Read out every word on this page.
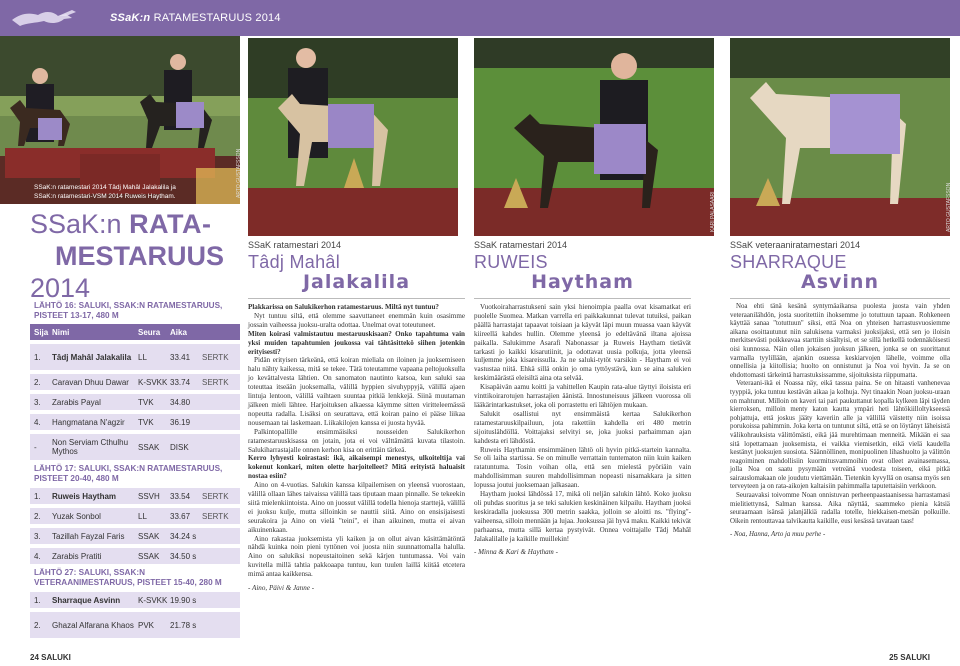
SSaK:n RATAMESTARUUS 2014
SSaK:n ratamestari 2014 Tâdj Mahâl Jalakalila ja
SSaK:n ratamestari-VSM 2014 Ruweis Haytham.
SSaK:n RATA-
MESTARUUS
2014
LÄHTÖ 16: SALUKI, SSAK:N RATAMESTARUUS, PISTEET 13-17, 480 M
Sija Nimi	Seura	Aika
1.	Tâdj Mahâl Jalakalila LL	33.41	SERTK
2.	Caravan Dhuu Dawar	K-SVKK 33.74	SERTK
3.	Zarabis Payal	TVK	34.80
4.	Hangmatana N'agzir	TVK	36.19
-	Non Serviam Cthulhu Mythos	SSAK	DISK
LÄHTÖ 17: SALUKI, SSAK:N RATAMESTARUUS, PISTEET 20-40, 480 M
1.	Ruweis Haytham	SSVH	33.54	SERTK
2.	Yuzak Sonbol	LL	33.67	SERTK
3.	Tazillah Fayzal Faris	SSAK	34.24 s
4.	Zarabis Pratiti	SSAK	34.50 s
LÄHTÖ 27: SALUKI, SSAK:N VETERAANIMESTARUUS, PISTEET 15-40, 280 M
1.	Sharraque Asvinn	K-SVKK 19.90 s
2.	Ghazal Alfarana Khaos PVK	21.78 s
24 SALUKI
ARTO GUSTAFSSON
KARI PALASAARI	ARTO GUSTAFSSON
SSaK ratamestari 2014
Tâdj Mahâl
Jalakalila

Plakkarissa on Salukikerhon ratamestaruus. Miltä nyt tuntuu?

Nyt tuntuu siltä, että olemme saavuttaneet enemmän kuin osasimme jossain vaiheessa juoksu-uralta odottaa. Unelmat ovat toteutuneet.

Miten koirasi valmistautuu mestaruuskisaan? Onko tapahtuma vain yksi muiden tapahtumien joukossa vai tähtäsittekö siihen jotenkin erityisesti?

Pidän erityisen tärkeänä, että koiran mieliala on iloinen ja juoksemiseen halu nähty kaikessa, mitä se tekee. Tätä toteutamme vapaana peltojuoksulla jo kevättalvesta lähtien. On sanomaton nautinto katsoa, kun saluki saa toteuttaa itseään juoksemalla, välillä hyppien sivuhyppyjä, välillä ajaen lintuja lentoon, välillä vaihtaen suuntaa pitkiä lenkkejä. Siinä muutaman jälkeen mieli lähtee. Harjoituksen alkaessa käymme sitten viritteleemässä nopeutta radalla. Lisäksi on seurattava, että koiran paino ei pääse liikaa nousemaan tai laskemaan. Liikakilojen kanssa ei juosta hyvää.

Palkintopallille ensimmäisiksi nousseiden Salukikerhon ratamestaruuskisassa on jotain, jota ei voi välttämättä kuvata tilastoin. Salukiharrastajalle onnen kerhon kisa on erittäin tärkeä.

Kerro lyhyesti koirastasi: ikä, aikaisempi menestys, ulkoiteltija vai kokenut konkari, miten olette harjoitelleet? Mitä erityistä haluaisit nostaa esiin?

Aino on 4-vuotias. Salukin kanssa kilpailemisen on yleensä vuorostaan, välillä ollaan lähes taivaissa välillä taas tiputaan maan pinnalle. Se tekeekin siitä mielenkiintoista. Aino on juossut välillä todella hienoja starttejä, välillä ei juoksu kulje, mutta silloinkin se nauttii siitä. Aino on ensisijaisesti seurakoira ja Aino on vielä "teini", ei ihan aikuinen, mutta ei aivan aikuinenkaan.

Aino rakastaa juoksemista yli kaiken ja on ollut aivan käsittämätöntä nähdä kuinka noin pieni tyttönen voi juosta niin suunnattomalla halulla. Aino on salukiksi nopeustaitoinen sekä kärjen tuntumassa. Voi vain kuvitella millä tahtia pakkoaapa tuntuu, kun tuulen laillä kiitää etcetera mimä antaa kaikkensa.

- Aino, Päivi & Janne -

SSaK ratamestari 2014
RUWEIS
Haytham

Vuotkoiraharrastukseni sain yksi hienoimpia paalla ovat kisamatkat eri puolelle Suomea. Matkan varrella eri paikkakunnat tulevat tutuiksi, paikan päällä harrastajat tapaavat toisiaan ja käyvät läpi muun muassa vaan käyvät kiireellä kahdes hullin. Olemme yleensä jo edeltävänä iltana ajoissa paikalla. Salukimme Asarafi Nabonassar ja Ruweis Haytham tietävät tarkasti jo kaikki kisarutiinit, ja odottavat uusia polkuja, jotta yleensä kuljemme joka kisareissulla. Ja ne saluki-tytöt varsikin - Haytham ei voi vastustaa niitä. Ehkä sillä onkin jo oma tyttöystävä, kun se aina salukien keskimäärästä eleisiltä aina ota selvää.

Kisapäivän aamu koitti ja vahittellen Kaupin rata-alue täyttyi iloisista eri vinttikoirarotujen harrastajien äänistä. Innostuneisuus jälkeen vuorossa oli lääkärintarkastukset, joka oli porrastettu eri lähtöjen mukaan.

Salukit osallistui nyt ensimmäistä kertaa Salukikerhon ratamestaruuskilpailuun, jota rakettiin kahdella eri 480 metrin sijoituslähdöllä. Voittajaksi selvityi se, joka juoksi parhaimman ajan kahdesta eri lähdöstä.

Ruweis Haythamin ensimmäinen lähtö oli hyvin pitkä-startein kannalta. Se oli laiha startissa. Se on minulle verrattain tuntematon niin kuin kaiken ratatuntuma. Tosin voihan olla, että sen mielestä pyöriäin vain mahdollisimman suuren mahdollisimman nopeasti nisamakkara ja sitten lopussa joutui juoksemaan jalkasaan.

Haytham juoksi lähdössä 17, mikä oli neljän salukin lähtö. Koko juoksu oli puhdas suoritus ja se teki salukien keskinäinen kilpailu. Haytham juoksi keskiradalla juoksussa 300 metrin saakka, jolloin se aloitti ns. "flying"-vaiheensa, silloin mennään ja lujaa. Juoksussa jäi hyvä maku. Kaikki tekivät parhaansa, mutta sillä kertaa pystyivät. Onnea voittajalle Tâdj Mahâl Jalakalilalle ja kaikille muillekin!

- Minna & Kari & Haytham -

SSaK veteraaniratamestari 2014
SHARRAQUE
Asvinn

Noa ehti tänä kesänä syntymäaikansa puolesta juosta vain yhden veteraanilähdön, josta suoritettiin ihoksemme jo totuttuun tapaan. Rohkeneen käyttää sanaa "totuttuun" siksi, että Noa on yhteisen harrastusvuosiemme aikana osoittautunut niin salukisena varmaksi juoksijaksi, että sen jo iloisin merkitsevästi poikkeavaa starttiin sisältyisi, et se sillä hetkellä todennäköisesti oisi kunnossa. Näin ollen jokaisen juoksun jälkeen, jonka se on suorittanut varmalla tyylillään, ajankin osuessa keskiarvojen lähelle, voimme olla onnellisia ja kiitollisia; huolto on onnistunut ja Noa voi hyvin. Ja se on ehdottomasti tärkeintä harrastuksissamme, sijoituksista riippumatta.

Veteraani-ikä ei Noassa näy, eikä tassua paina. Se on hitaasti vanhenevaa tyyppiä, joka tuntuu kestävän aikaa ja kolhuja. Nyt tinaakin Noan juoksu-uraan on mahtunut. Milloin on kaveri tai pari paukuttanut kopalla kylkeen läpi täyden kierroksen, milloin menty katon kautta ympäri heti lähtökiilloltykseessä pohjattuja, että joskus jääty kaveriin alle ja vällillä väistetty niin isoissa porukoissa pahimmin. Joka kerta on tuntunut siltä, että se on löytänyt läheisistä välikohrauksista välittömästi, eikä jää murehtimaan menneitä. Mikään ei saa sitä lopettamaan juoksemista, ei vaikka viemisetkin, eikä vielä kaudella kestänyt juoksujen suosiota. Säännöllinen, monipuolinen lihashuolto ja välittön reagoiminen mahdollisiin kuormitusvammoihin ovat olleet avainasemassa, jolla Noa on saatu pysymään vetreänä vuodesta toiseen, eikä pitkä sairauslomakaan ole joudutu viettämään. Tietenkin kyvyllä on osansa myös sen terveyteen ja on rata-aikojen kaltaisiin pahimmalla taputettaisiin verkkoon.

Seuraavaksi toivomme Noan onnistuvan perheenpaastaanisessa harrastamasi mielitiettynsä, Salman kanssa. Aika näyttää, saammeko pienia kätsiä seuraamaan isänsä jalanjälkiä radalla totelle, hiekkaisen-metsän polkuille. Oikein rentouttavaa talvikautta kaikille, eusi kesässä tavataan taas!

- Noa, Hanna, Arto ja muu perhe -

25 SALUKI
